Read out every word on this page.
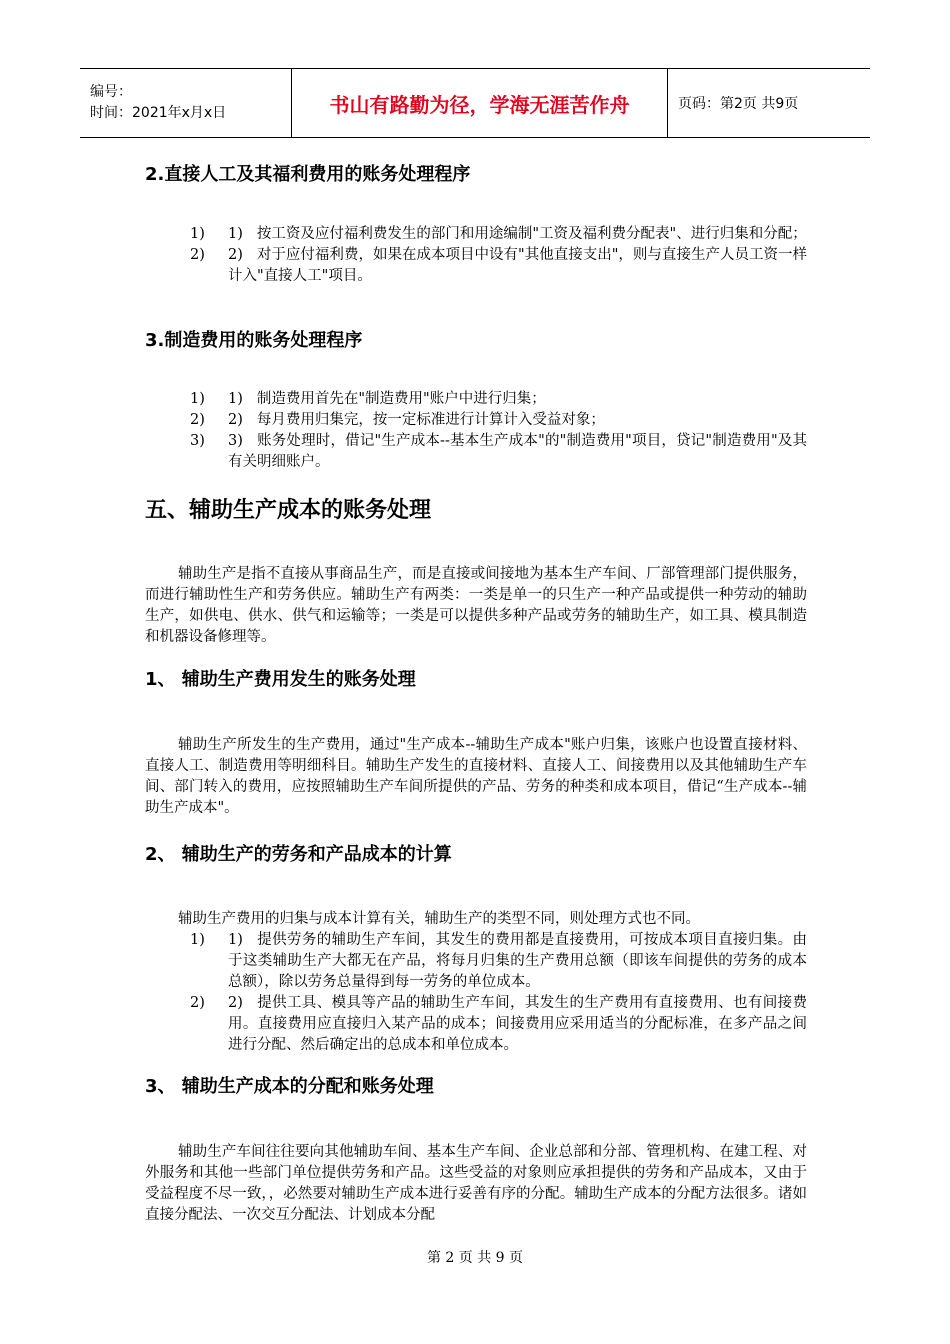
编号：
时间：2021年x月x日	书山有路勤为径，学海无涯苦作舟	页码：第2页 共9页
2.直接人工及其福利费用的账务处理程序
1) 1) 按工资及应付福利费发生的部门和用途编制"工资及福利费分配表"、进行归集和分配；
2) 2) 对于应付福利费，如果在成本项目中设有"其他直接支出"，则与直接生产人员工资一样计入"直接人工"项目。
3.制造费用的账务处理程序
1) 1) 制造费用首先在"制造费用"账户中进行归集；
2) 2) 每月费用归集完，按一定标准进行计算计入受益对象；
3) 3) 账务处理时，借记"生产成本--基本生产成本"的"制造费用"项目，贷记"制造费用"及其有关明细账户。
五、辅助生产成本的账务处理

辅助生产是指不直接从事商品生产，而是直接或间接地为基本生产车间、厂部管理部门提供服务，而进行辅助性生产和劳务供应。辅助生产有两类：一类是单一的只生产一种产品或提供一种劳动的辅助生产，如供电、供水、供气和运输等；一类是可以提供多种产品或劳务的辅助生产，如工具、模具制造和机器设备修理等。

1、 辅助生产费用发生的账务处理

辅助生产所发生的生产费用，通过"生产成本--辅助生产成本"账户归集，该账户也设置直接材料、直接人工、制造费用等明细科目。辅助生产发生的直接材料、直接人工、间接费用以及其他辅助生产车间、部门转入的费用，应按照辅助生产车间所提供的产品、劳务的种类和成本项目，借记“生产成本--辅助生产成本"。

2、 辅助生产的劳务和产品成本的计算

辅助生产费用的归集与成本计算有关，辅助生产的类型不同，则处理方式也不同。

1) 1) 提供劳务的辅助生产车间，其发生的费用都是直接费用，可按成本项目直接归集。由于这类辅助生产大都无在产品，将每月归集的生产费用总额（即该车间提供的劳务的成本总额），除以劳务总量得到每一劳务的单位成本。
2) 2) 提供工具、模具等产品的辅助生产车间，其发生的生产费用有直接费用、也有间接费用。直接费用应直接归入某产品的成本；间接费用应采用适当的分配标准，在多产品之间进行分配、然后确定出的总成本和单位成本。
3、 辅助生产成本的分配和账务处理

辅助生产车间往往要向其他辅助车间、基本生产车间、企业总部和分部、管理机构、在建工程、对外服务和其他一些部门单位提供劳务和产品。这些受益的对象则应承担提供的劳务和产品成本，又由于受益程度不尽一致，，必然要对辅助生产成本进行妥善有序的分配。辅助生产成本的分配方法很多。诸如直接分配法、一次交互分配法、计划成本分配

第 2 页 共 9 页
